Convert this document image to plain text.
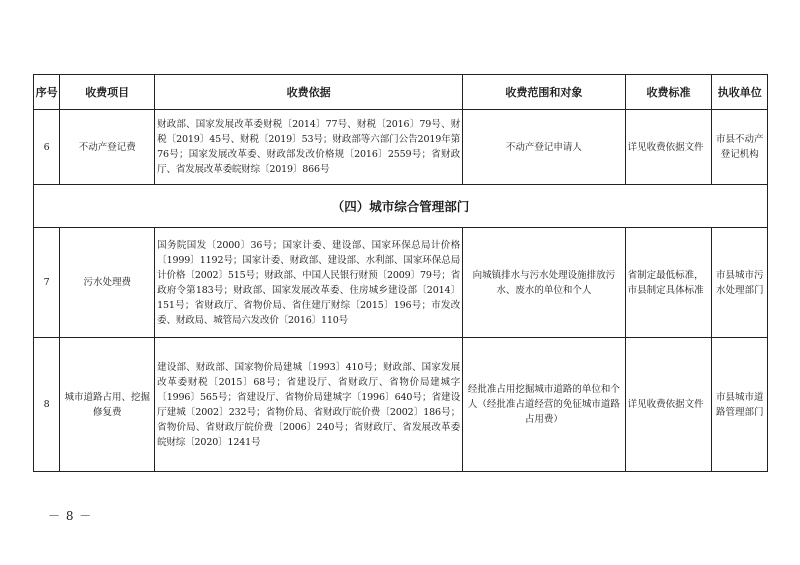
序号	收费项目	收费依据	收费范围和对象	收费标准	执收单位
6	不动产登记费	财政部、国家发展改革委财税〔2014〕77号、财税〔2016〕79号、财税〔2019〕45号、财税〔2019〕53号；财政部等六部门公告2019年第76号；国家发展改革委、财政部发改价格规〔2016〕2559号；省财政厅、省发展改革委皖财综〔2019〕866号	不动产登记申请人	详见收费依据文件	市县不动产登记机构
（四）城市综合管理部门					
7	污水处理费	国务院国发〔2000〕36号；国家计委、建设部、国家环保总局计价格〔1999〕1192号；国家计委、财政部、建设部、水利部、国家环保总局计价格〔2002〕515号；财政部、中国人民银行财预〔2009〕79号；省政府令第183号；财政部、国家发展改革委、住房城乡建设部〔2014〕151号；省财政厅、省物价局、省住建厅财综〔2015〕196号；市发改委、财政局、城管局六发改价〔2016〕110号	向城镇排水与污水处理设施排放污水、废水的单位和个人	省制定最低标准，市县制定具体标准	市县城市污水处理部门
8	城市道路占用、挖掘修复费	建设部、财政部、国家物价局建城〔1993〕410号；财政部、国家发展改革委财税〔2015〕68号；省建设厅、省财政厅、省物价局建城字〔1996〕565号；省建设厅、省物价局建城字〔1996〕640号；省建设厅建城〔2002〕232号；省物价局、省财政厅皖价费〔2002〕186号；省物价局、省财政厅皖价费〔2006〕240号；省财政厅、省发展改革委皖财综〔2020〕1241号	经批准占用挖掘城市道路的单位和个人（经批准占道经营的免征城市道路占用费）	详见收费依据文件	市县城市道路管理部门
－ 8 －
